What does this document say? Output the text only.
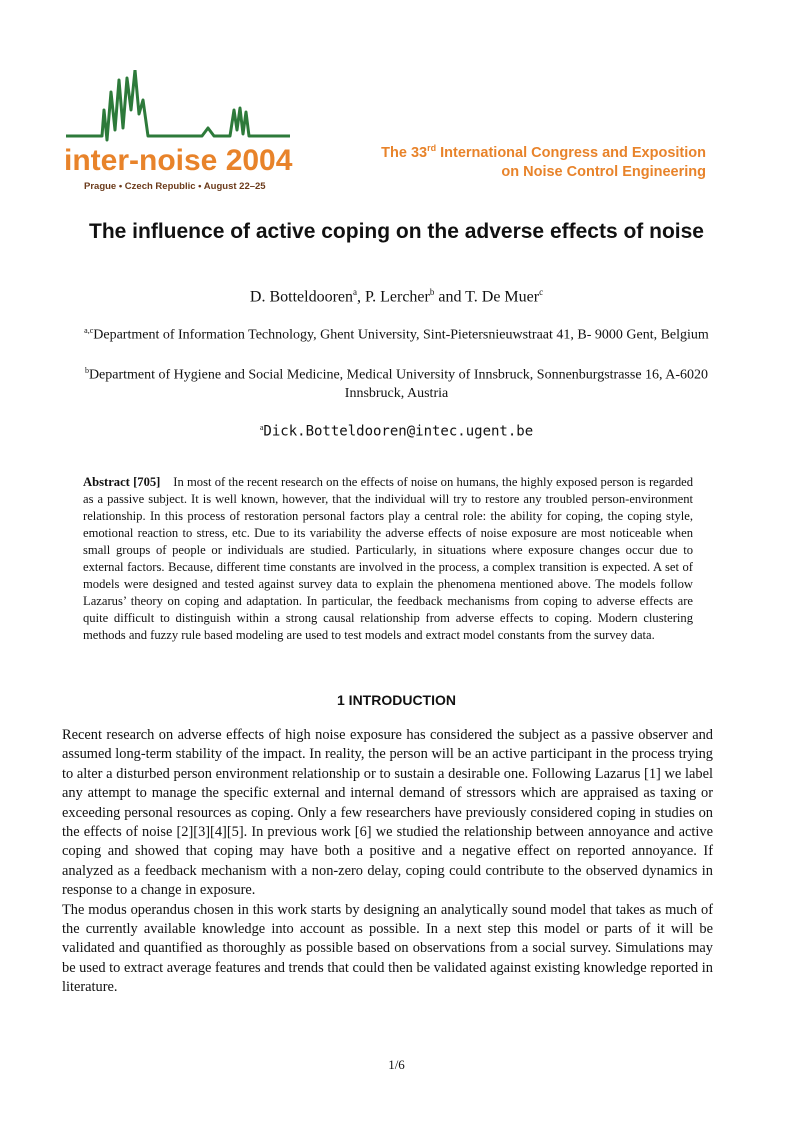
inter-noise 2004
Prague • Czech Republic • August 22–25
The 33rd International Congress and Exposition
on Noise Control Engineering
The influence of active coping on the adverse effects of noise
D. Botteldooren$^a$, P. Lercher$^b$ and T. De Muer$^c$
$^{a,c}$Department of Information Technology, Ghent University, Sint-Pietersnieuwstraat 41, B- 9000 Gent, Belgium
$^b$Department of Hygiene and Social Medicine, Medical University of Innsbruck, Sonnenburgstrasse 16, A-6020 Innsbruck, Austria
$^a$Dick.Botteldooren@intec.ugent.be
Abstract [705] In most of the recent research on the effects of noise on humans, the highly exposed person is regarded as a passive subject. It is well known, however, that the individual will try to restore any troubled person-environment relationship. In this process of restoration personal factors play a central role: the ability for coping, the coping style, emotional reaction to stress, etc. Due to its variability the adverse effects of noise exposure are most noticeable when small groups of people or individuals are studied. Particularly, in situations where exposure changes occur due to external factors. Because, different time constants are involved in the process, a complex transition is expected. A set of models were designed and tested against survey data to explain the phenomena mentioned above. The models follow Lazarus’ theory on coping and adaptation. In particular, the feedback mechanisms from coping to adverse effects are quite difficult to distinguish within a strong causal relationship from adverse effects to coping. Modern clustering methods and fuzzy rule based modeling are used to test models and extract model constants from the survey data.
1 INTRODUCTION

Recent research on adverse effects of high noise exposure has considered the subject as a passive observer and assumed long-term stability of the impact. In reality, the person will be an active participant in the process trying to alter a disturbed person environment relationship or to sustain a desirable one. Following Lazarus [1] we label any attempt to manage the specific external and internal demand of stressors which are appraised as taxing or exceeding personal resources as coping. Only a few researchers have previously considered coping in studies on the effects of noise [2][3][4][5]. In previous work [6] we studied the relationship between annoyance and active coping and showed that coping may have both a positive and a negative effect on reported annoyance. If analyzed as a feedback mechanism with a non-zero delay, coping could contribute to the observed dynamics in response to a change in exposure.

The modus operandus chosen in this work starts by designing an analytically sound model that takes as much of the currently available knowledge into account as possible. In a next step this model or parts of it will be validated and quantified as thoroughly as possible based on observations from a social survey. Simulations may be used to extract average features and trends that could then be validated against existing knowledge reported in literature.

1/6
